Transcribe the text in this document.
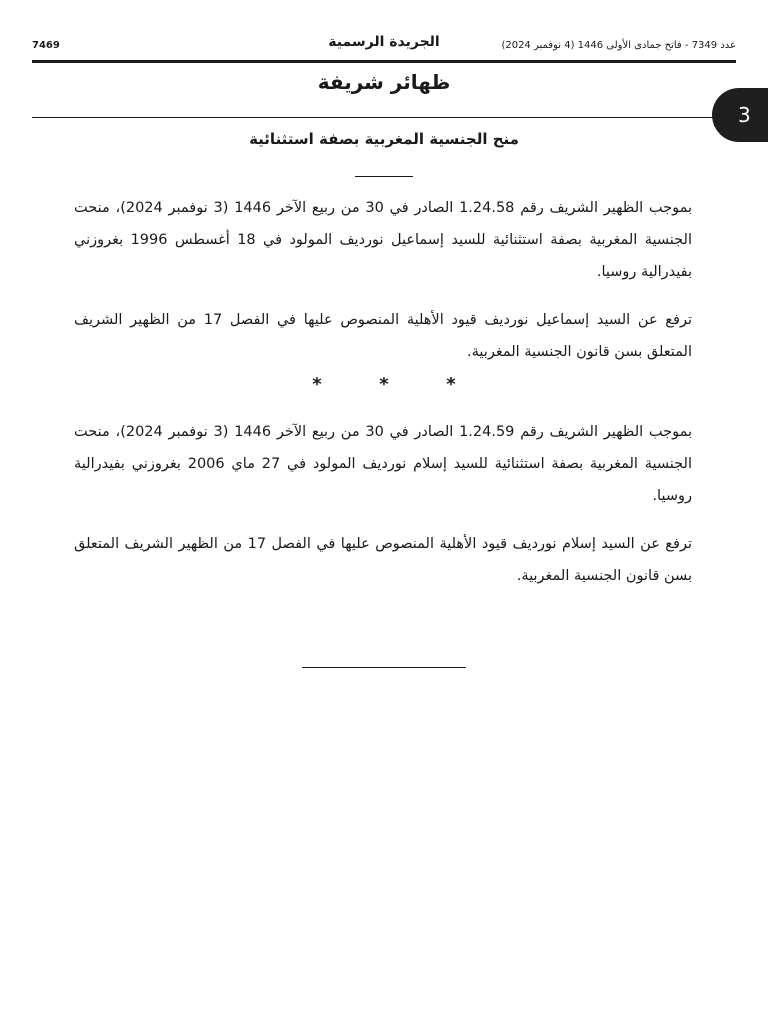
7469	الجريدة الرسمية	عدد 7349 - فاتح جمادى الأولى 1446 (4 نوفمبر 2024)
ظهائر شريفة
3
منح الجنسية المغربية بصفة استثنائية

بموجب الظهير الشريف رقم 1.24.58 الصادر في 30 من ربيع الآخر 1446 (3 نوفمبر 2024)، منحت الجنسية المغربية بصفة استثنائية للسيد إسماعيل نورديف المولود في 18 أغسطس 1996 بغروزني بفيدرالية روسيا.

ترفع عن السيد إسماعيل نورديف قيود الأهلية المنصوص عليها في الفصل 17 من الظهير الشريف المتعلق بسن قانون الجنسية المغربية.

*	*	*

بموجب الظهير الشريف رقم 1.24.59 الصادر في 30 من ربيع الآخر 1446 (3 نوفمبر 2024)، منحت الجنسية المغربية بصفة استثنائية للسيد إسلام نورديف المولود في 27 ماي 2006 بغروزني بفيدرالية روسيا.

ترفع عن السيد إسلام نورديف قيود الأهلية المنصوص عليها في الفصل 17 من الظهير الشريف المتعلق بسن قانون الجنسية المغربية.
